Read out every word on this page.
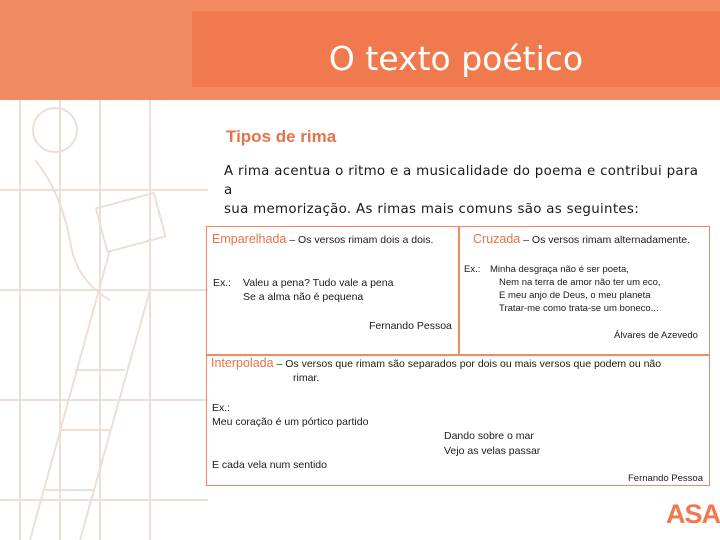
O texto poético
Tipos de rima
A rima acentua o ritmo e a musicalidade do poema e contribui para a
sua memorização. As rimas mais comuns são as seguintes:
Emparelhada – Os versos rimam dois a dois.
Ex.: Valeu a pena? Tudo vale a pena
Se a alma não é pequena
Fernando Pessoa
Cruzada – Os versos rimam alternadamente.
Ex.: Minha desgraça não é ser poeta,
Nem na terra de amor não ter um eco,
E meu anjo de Deus, o meu planeta
Tratar-me como trata-se um boneco...
Álvares de Azevedo
Interpolada – Os versos que rimam são separados por dois ou mais versos que podem ou não
rimar.
Ex.:
Meu coração é um pórtico partido
Dando sobre o mar
Vejo as velas passar
E cada vela num sentido
Fernando Pessoa
ASA
